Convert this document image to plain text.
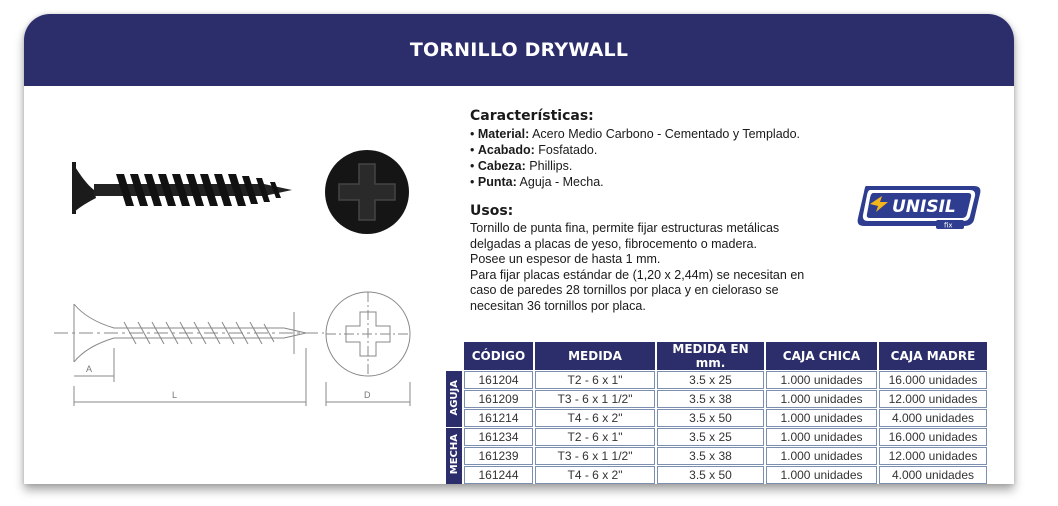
TORNILLO DRYWALL
A
L	D

Características:

• Material: Acero Medio Carbono - Cementado y Templado.

• Acabado: Fosfatado.

• Cabeza: Phillips.

• Punta: Aguja - Mecha.

Usos:

Tornillo de punta fina, permite fijar estructuras metálicas

delgadas a placas de yeso, fibrocemento o madera.

Posee un espesor de hasta 1 mm.

Para fijar placas estándar de (1,20 x 2,44m) se necesitan en

caso de paredes 28 tornillos por placa y en cieloraso se

necesitan 36 tornillos por placa.

UNISIL
fix
	CÓDIGO	MEDIDA	MEDIDA EN mm.	CAJA CHICA	CAJA MADRE
AGUJA	161204	T2 - 6 x 1"	3.5 x 25	1.000 unidades	16.000 unidades
	161209	T3 - 6 x 1 1/2"	3.5 x 38	1.000 unidades	12.000 unidades
	161214	T4 - 6 x 2"	3.5 x 50	1.000 unidades	4.000 unidades
MECHA	161234	T2 - 6 x 1"	3.5 x 25	1.000 unidades	16.000 unidades
	161239	T3 - 6 x 1 1/2"	3.5 x 38	1.000 unidades	12.000 unidades
	161244	T4 - 6 x 2"	3.5 x 50	1.000 unidades	4.000 unidades
